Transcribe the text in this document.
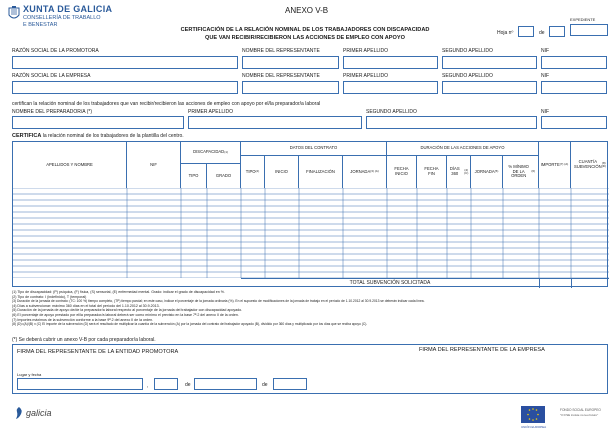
XUNTA DE GALICIA
CONSELLERÍA DE TRABALLO
E BENESTAR
ANEXO V-B
EXPEDIENTE
CERTIFICACIÓN DE LA RELACIÓN NOMINAL DE LOS TRABAJADORES CON DISCAPACIDAD
QUE VAN RECIBIR/RECIBIERON LAS ACCIONES DE EMPLEO CON APOYO
Hoja nº	de
RAZÓN SOCIAL DE LA PROMOTORA	NOMBRE DEL REPRESENTANTE	PRIMER APELLIDO	SEGUNDO APELLIDO	NIF
RAZÓN SOCIAL DE LA EMPRESA	NOMBRE DEL REPRESENTANTE	PRIMER APELLIDO	SEGUNDO APELLIDO	NIF
certifican la relación nominal de los trabajadores que van recibir/recibieron las acciones de empleo con apoyo por el/la preparador/a laboral
NOMBRE DEL PREPARADOR/A (*)	PRIMER APELLIDO	SEGUNDO APELLIDO	NIF
CERTIFICA la relación nominal de los trabajadores de la plantilla del centro.
APELLIDOS Y NOMBRE	NIF
DISCAPACIDAD (1)
TIPO	GRADO
DATOS DEL CONTRATO
TIPO (2)	INICIO	FINALIZACIÓN	JORNADA (3) (A)
DURACIÓN DE LAS ACCIONES DE APOYO
FECHA INICIO
FECHA FIN
DÍAS 360
(4) (C)	JORNADA (5)
% MÍNIMO DE LA ORDEN
(6)
IMPORTE (7) (A)	CUANTÍA SUBVENCIÓN
(8) (D)
TOTAL SUBVENCIÓN SOLICITADA
(1) Tipo de discapacidad: (P) psíquica, (F) física, (S) sensorial, (E) enfermedad mental. Grado: indicar el grado de discapacidad en %.
(2) Tipo de contrato: I (indefinido), T (temporal)
(3) Duración de la jornada de contrato: (TC: 100 %) tiempo completo, (TP) tiempo parcial; en este caso, indicar el porcentaje de la jornada ordinaria (%). En el supuesto de modificaciones de la jornada de trabajo en el período de 1.10.2012 al 30.9.2013 se deberán indicar cada línea.
(4) Días a subvencionar: máximo 360 días en el total del período del 1.10.2012 al 30.9.2013.
(5) Duración de la jornada de apoyo de/de la preparador/a laboral respecto al porcentaje de la jornada del trabajador con discapacidad apoyado.
(6) El porcentaje de apoyo prestado por el/la preparador/a laboral deberá ser como mínimo el previsto en la base 7ª.2 del anexo II de la orden.
(7) Importes máximos de la subvención conforme a la base 9ª.2 del anexo II de la orden.
(8) (D)=(A)/(B) x (C) El importe de la subvención (D) será el resultado de multiplicar la cuantía de la subvención (A) por la jornada del contrato del trabajador apoyado (B), dividido por 360 días y multiplicado por los días que se reciba apoyo (C).
(*) Se deberá cubrir un anexo V-B por cada preparador/a laboral.
FIRMA DEL REPRESENTANTE DE LA ENTIDAD PROMOTORA	FIRMA DEL REPRESENTANTE DE LA EMPRESA
Lugar y fecha
,	de	de
galicia
UNIÓN EUROPEA
FONDO SOCIAL EUROPEO
"O FSE inviste no teu futuro"
